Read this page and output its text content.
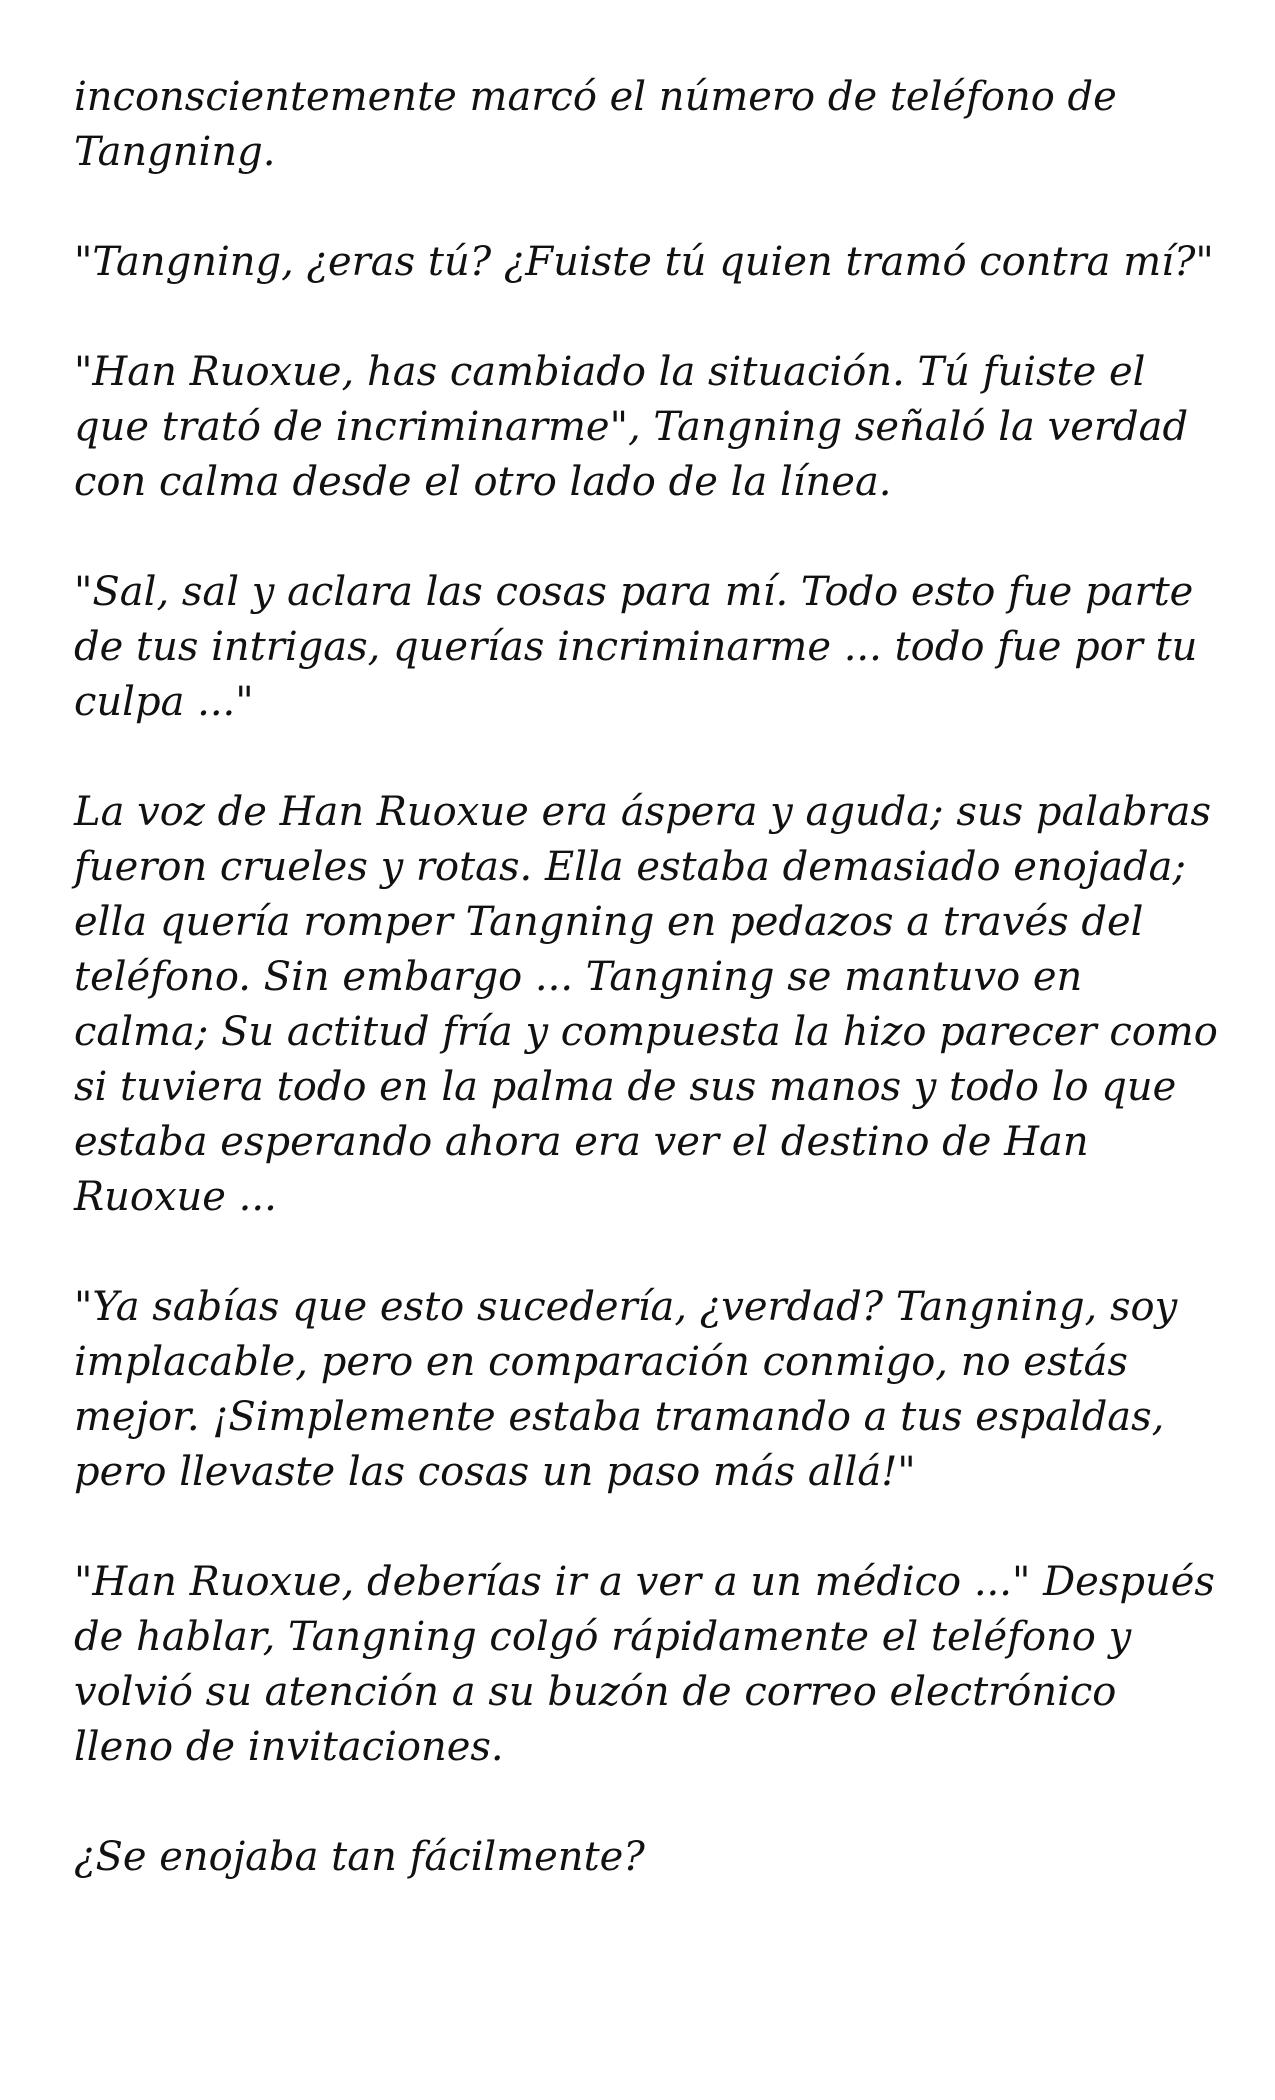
inconscientemente marcó el número de teléfono de Tangning.

"Tangning, ¿eras tú? ¿Fuiste tú quien tramó contra mí?"

"Han Ruoxue, has cambiado la situación. Tú fuiste el que trató de incriminarme", Tangning señaló la verdad con calma desde el otro lado de la línea.

"Sal, sal y aclara las cosas para mí. Todo esto fue parte de tus intrigas, querías incriminarme ... todo fue por tu culpa ..."

La voz de Han Ruoxue era áspera y aguda; sus palabras fueron crueles y rotas. Ella estaba demasiado enojada; ella quería romper Tangning en pedazos a través del teléfono. Sin embargo ... Tangning se mantuvo en calma; Su actitud fría y compuesta la hizo parecer como si tuviera todo en la palma de sus manos y todo lo que estaba esperando ahora era ver el destino de Han Ruoxue ...

"Ya sabías que esto sucedería, ¿verdad? Tangning, soy implacable, pero en comparación conmigo, no estás mejor. ¡Simplemente estaba tramando a tus espaldas, pero llevaste las cosas un paso más allá!"

"Han Ruoxue, deberías ir a ver a un médico ..." Después de hablar, Tangning colgó rápidamente el teléfono y volvió su atención a su buzón de correo electrónico lleno de invitaciones.

¿Se enojaba tan fácilmente?
